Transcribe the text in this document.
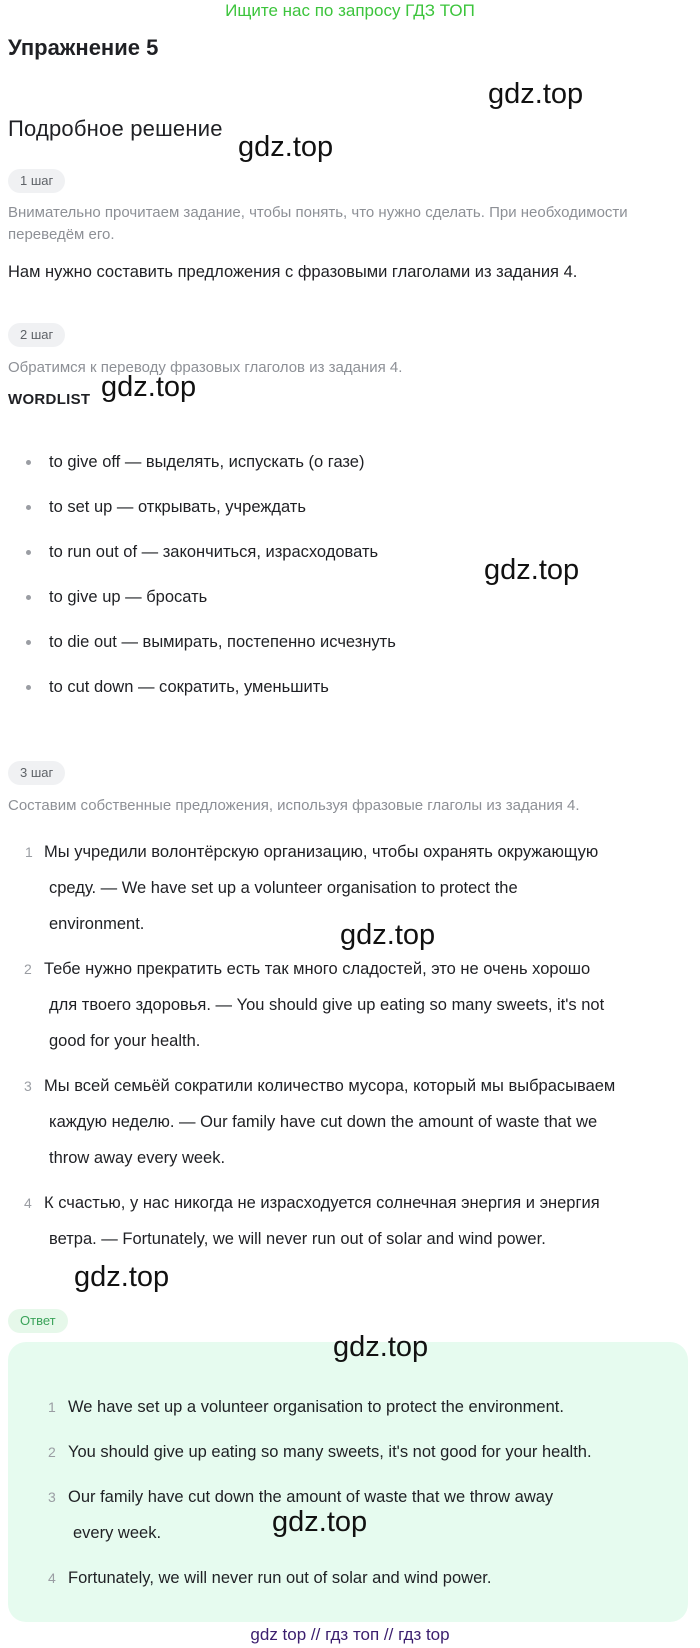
Ищите нас по запросу ГДЗ ТОП
Упражнение 5
Подробное решение
gdz.top
gdz.top
gdz.top
gdz.top
gdz.top
gdz.top
1 шаг
Внимательно прочитаем задание, чтобы понять, что нужно сделать. При необходимости
переведём его.
Нам нужно составить предложения с фразовыми глаголами из задания 4.
2 шаг
Обратимся к переводу фразовых глаголов из задания 4.
WORDLIST
to give off — выделять, испускать (о газе)
to set up — открывать, учреждать
to run out of — закончиться, израсходовать
to give up — бросать
to die out — вымирать, постепенно исчезнуть
to cut down — сократить, уменьшить
3 шаг
Составим собственные предложения, используя фразовые глаголы из задания 4.
1 Мы учредили волонтёрскую организацию, чтобы охранять окружающую
среду. — We have set up a volunteer organisation to protect the
environment.
2 Тебе нужно прекратить есть так много сладостей, это не очень хорошо
для твоего здоровья. — You should give up eating so many sweets, it's not
good for your health.
3 Мы всей семьёй сократили количество мусора, который мы выбрасываем
каждую неделю. — Our family have cut down the amount of waste that we
throw away every week.
4 К счастью, у нас никогда не израсходуется солнечная энергия и энергия
ветра. — Fortunately, we will never run out of solar and wind power.
Ответ
gdz.top
1 We have set up a volunteer organisation to protect the environment.
2 You should give up eating so many sweets, it's not good for your health.
3 Our family have cut down the amount of waste that we throw away
every week.
4 Fortunately, we will never run out of solar and wind power.
gdz.top
gdz top // гдз топ // гдз top
